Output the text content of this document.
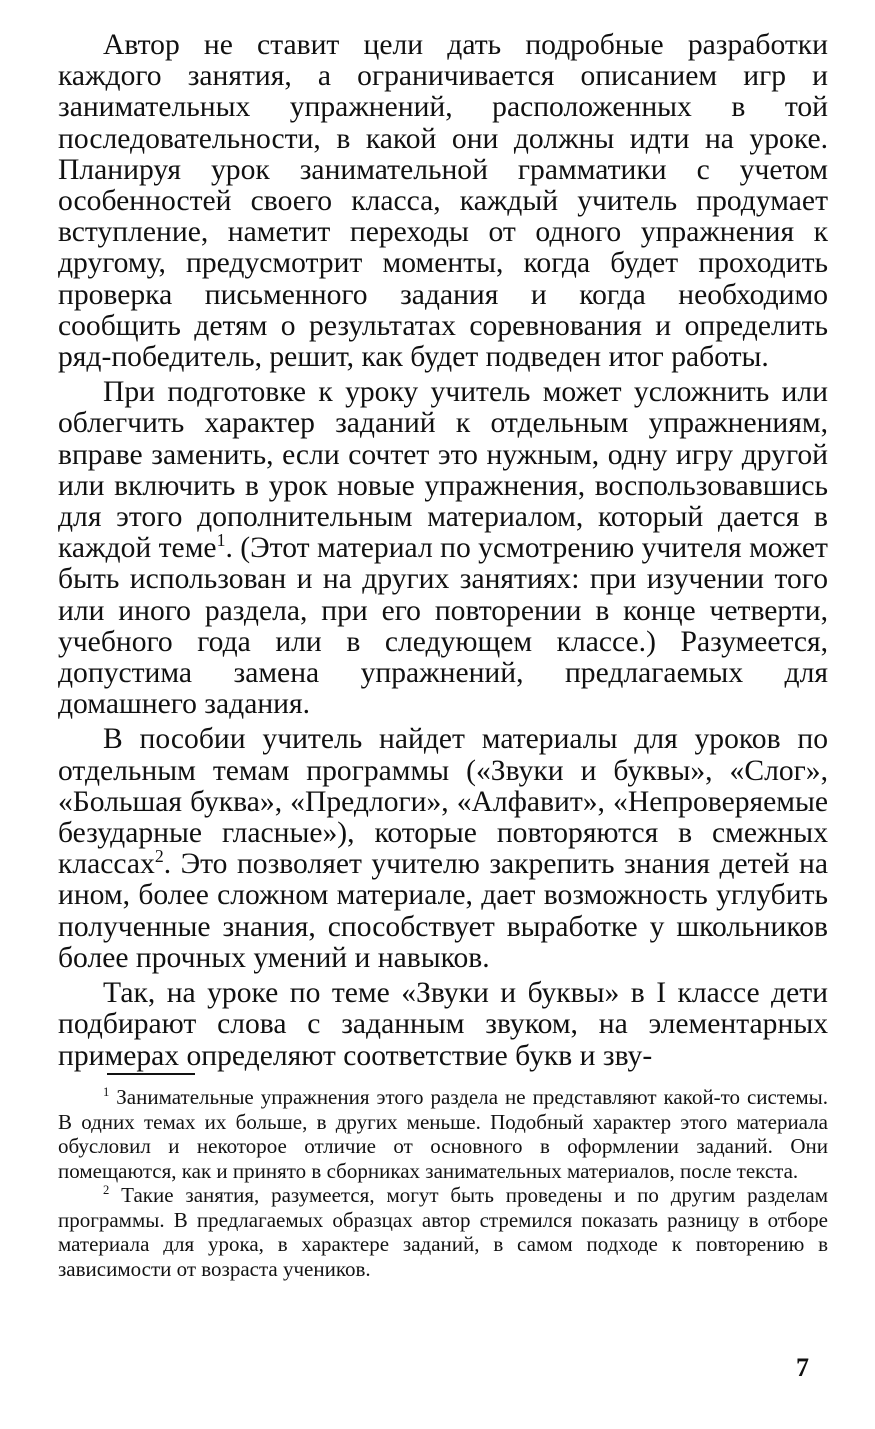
Автор не ставит цели дать подробные разработки каждого занятия, а ограничивается описанием игр и занимательных упражнений, расположенных в той последовательности, в какой они должны идти на уроке. Планируя урок занимательной грамматики с учетом особенностей своего класса, каждый учитель продумает вступление, наметит переходы от одного упражнения к другому, предусмотрит моменты, когда будет проходить проверка письменного задания и когда необходимо сообщить детям о результатах соревнования и определить ряд-победитель, решит, как будет подведен итог работы.

При подготовке к уроку учитель может усложнить или облегчить характер заданий к отдельным упражнениям, вправе заменить, если сочтет это нужным, одну игру другой или включить в урок новые упражнения, воспользовавшись для этого дополнительным материалом, который дается в каждой теме$^1$. (Этот материал по усмотрению учителя может быть использован и на других занятиях: при изучении того или иного раздела, при его повторении в конце четверти, учебного года или в следующем классе.) Разумеется, допустима замена упражнений, предлагаемых для домашнего задания.

В пособии учитель найдет материалы для уроков по отдельным темам программы («Звуки и буквы», «Слог», «Большая буква», «Предлоги», «Алфавит», «Непроверяемые безударные гласные»), которые повторяются в смежных классах$^2$. Это позволяет учителю закрепить знания детей на ином, более сложном материале, дает возможность углубить полученные знания, способствует выработке у школьников более прочных умений и навыков.

Так, на уроке по теме «Звуки и буквы» в I классе дети подбирают слова с заданным звуком, на элементарных примерах определяют соответствие букв и зву-

$^1$ Занимательные упражнения этого раздела не представляют какой-то системы. В одних темах их больше, в других меньше. Подобный характер этого материала обусловил и некоторое отличие от основного в оформлении заданий. Они помещаются, как и принято в сборниках занимательных материалов, после текста.

$^2$ Такие занятия, разумеется, могут быть проведены и по другим разделам программы. В предлагаемых образцах автор стремился показать разницу в отборе материала для урока, в характере заданий, в самом подходе к повторению в зависимости от возраста учеников.

7
